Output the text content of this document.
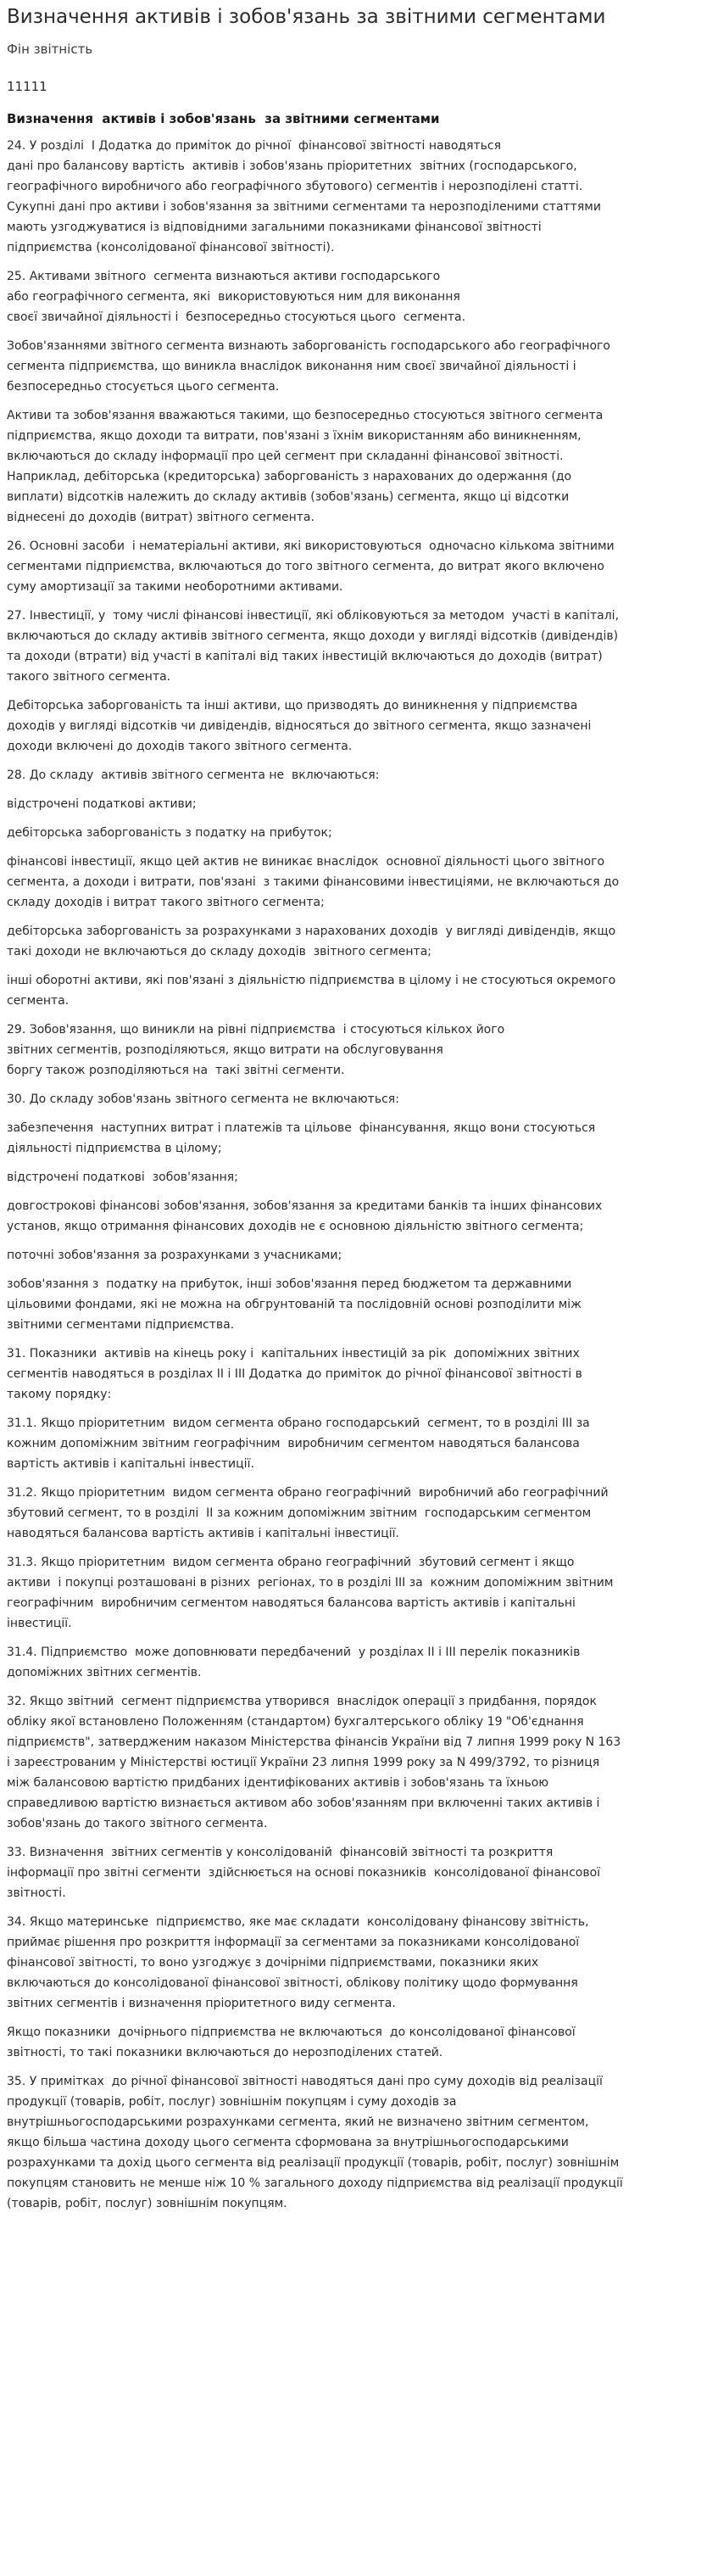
Визначення активів і зобов'язань за звітними сегментами
Фін звітність
11111
Визначення  активів і зобов'язань  за звітними сегментами

24. У розділі  І Додатка до приміток до річної  фінансової звітності наводяться
дані про балансову вартість  активів і зобов'язань пріоритетних  звітних (господарського,
географічного виробничого або географічного збутового) сегментів і нерозподілені статті.
Сукупні дані про активи і зобов'язання за звітними сегментами та нерозподіленими статтями
мають узгоджуватися із відповідними загальними показниками фінансової звітності
підприємства (консолідованої фінансової звітності).

25. Активами звітного  сегмента визнаються активи господарського
або географічного сегмента, які  використовуються ним для виконання
своєї звичайної діяльності і  безпосередньо стосуються цього  сегмента.

Зобов'язаннями звітного сегмента визнають заборгованість господарського або географічного
сегмента підприємства, що виникла внаслідок виконання ним своєї звичайної діяльності і
безпосередньо стосується цього сегмента.

Активи та зобов'язання вважаються такими, що безпосередньо стосуються звітного сегмента
підприємства, якщо доходи та витрати, пов'язані з їхнім використанням або виникненням,
включаються до складу інформації про цей сегмент при складанні фінансової звітності.
Наприклад, дебіторська (кредиторська) заборгованість з нарахованих до одержання (до
виплати) відсотків належить до складу активів (зобов'язань) сегмента, якщо ці відсотки
віднесені до доходів (витрат) звітного сегмента.

26. Основні засоби  і нематеріальні активи, які використовуються  одночасно кількома звітними
сегментами підприємства, включаються до того звітного сегмента, до витрат якого включено
суму амортизації за такими необоротними активами.

27. Інвестиції, у  тому числі фінансові інвестиції, які обліковуються за методом  участі в капіталі,
включаються до складу активів звітного сегмента, якщо доходи у вигляді відсотків (дивідендів)
та доходи (втрати) від участі в капіталі від таких інвестицій включаються до доходів (витрат)
такого звітного сегмента.

Дебіторська заборгованість та інші активи, що призводять до виникнення у підприємства
доходів у вигляді відсотків чи дивідендів, відносяться до звітного сегмента, якщо зазначені
доходи включені до доходів такого звітного сегмента.

28. До складу  активів звітного сегмента не  включаються:

відстрочені податкові активи;

дебіторська заборгованість з податку на прибуток;

фінансові інвестиції, якщо цей актив не виникає внаслідок  основної діяльності цього звітного
сегмента, а доходи і витрати, пов'язані  з такими фінансовими інвестиціями, не включаються до
складу доходів і витрат такого звітного сегмента;

дебіторська заборгованість за розрахунками з нарахованих доходів  у вигляді дивідендів, якщо
такі доходи не включаються до складу доходів  звітного сегмента;

інші оборотні активи, які пов'язані з діяльністю підприємства в цілому і не стосуються окремого
сегмента.

29. Зобов'язання, що виникли на рівні підприємства  і стосуються кількох його
звітних сегментів, розподіляються, якщо витрати на обслуговування
боргу також розподіляються на  такі звітні сегменти.

30. До складу зобов'язань звітного сегмента не включаються:

забезпечення  наступних витрат і платежів та цільове  фінансування, якщо вони стосуються
діяльності підприємства в цілому;

відстрочені податкові  зобов'язання;

довгострокові фінансові зобов'язання, зобов'язання за кредитами банків та інших фінансових
установ, якщо отримання фінансових доходів не є основною діяльністю звітного сегмента;

поточні зобов'язання за розрахунками з учасниками;

зобов'язання з  податку на прибуток, інші зобов'язання перед бюджетом та державними
цільовими фондами, які не можна на обгрунтованій та послідовній основі розподілити між
звітними сегментами підприємства.

31. Показники  активів на кінець року і  капітальних інвестицій за рік  допоміжних звітних
сегментів наводяться в розділах ІІ і ІІІ Додатка до приміток до річної фінансової звітності в
такому порядку:

31.1. Якщо пріоритетним  видом сегмента обрано господарський  сегмент, то в розділі ІІІ за
кожним допоміжним звітним географічним  виробничим сегментом наводяться балансова
вартість активів і капітальні інвестиції.

31.2. Якщо пріоритетним  видом сегмента обрано географічний  виробничий або географічний
збутовий сегмент, то в розділі  ІІ за кожним допоміжним звітним  господарським сегментом
наводяться балансова вартість активів і капітальні інвестиції.

31.3. Якщо пріоритетним  видом сегмента обрано географічний  збутовий сегмент і якщо
активи  і покупці розташовані в різних  регіонах, то в розділі ІІІ за  кожним допоміжним звітним
географічним  виробничим сегментом наводяться балансова вартість активів і капітальні
інвестиції.

31.4. Підприємство  може доповнювати передбачений  у розділах ІІ і ІІІ перелік показників
допоміжних звітних сегментів.

32. Якщо звітний  сегмент підприємства утворився  внаслідок операції з придбання, порядок
обліку якої встановлено Положенням (стандартом) бухгалтерського обліку 19 "Об'єднання
підприємств", затвердженим наказом Міністерства фінансів України від 7 липня 1999 року N 163
і зареєстрованим у Міністерстві юстиції України 23 липня 1999 року за N 499/3792, то різниця
між балансовою вартістю придбаних ідентифікованих активів і зобов'язань та їхньою
справедливою вартістю визнається активом або зобов'язанням при включенні таких активів і
зобов'язань до такого звітного сегмента.

33. Визначення  звітних сегментів у консолідованій  фінансовій звітності та розкриття
інформації про звітні сегменти  здійснюється на основі показників  консолідованої фінансової
звітності.

34. Якщо материнське  підприємство, яке має складати  консолідовану фінансову звітність,
приймає рішення про розкриття інформації за сегментами за показниками консолідованої
фінансової звітності, то воно узгоджує з дочірніми підприємствами, показники яких
включаються до консолідованої фінансової звітності, облікову політику щодо формування
звітних сегментів і визначення пріоритетного виду сегмента.

Якщо показники  дочірнього підприємства не включаються  до консолідованої фінансової
звітності, то такі показники включаються до нерозподілених статей.

35. У приміткax  до річної фінансової звітності наводяться дані про суму доходів від реалізації
продукції (товарів, робіт, послуг) зовнішнім покупцям і суму доходів за
внутрішньогосподарськими розрахунками сегмента, який не визначено звітним сегментом,
якщо більша частина доходу цього сегмента сформована за внутрішньогосподарськими
розрахунками та дохід цього сегмента від реалізації продукції (товарів, робіт, послуг) зовнішнім
покупцям становить не менше ніж 10 % загального доходу підприємства від реалізації продукції
(товарів, робіт, послуг) зовнішнім покупцям.
